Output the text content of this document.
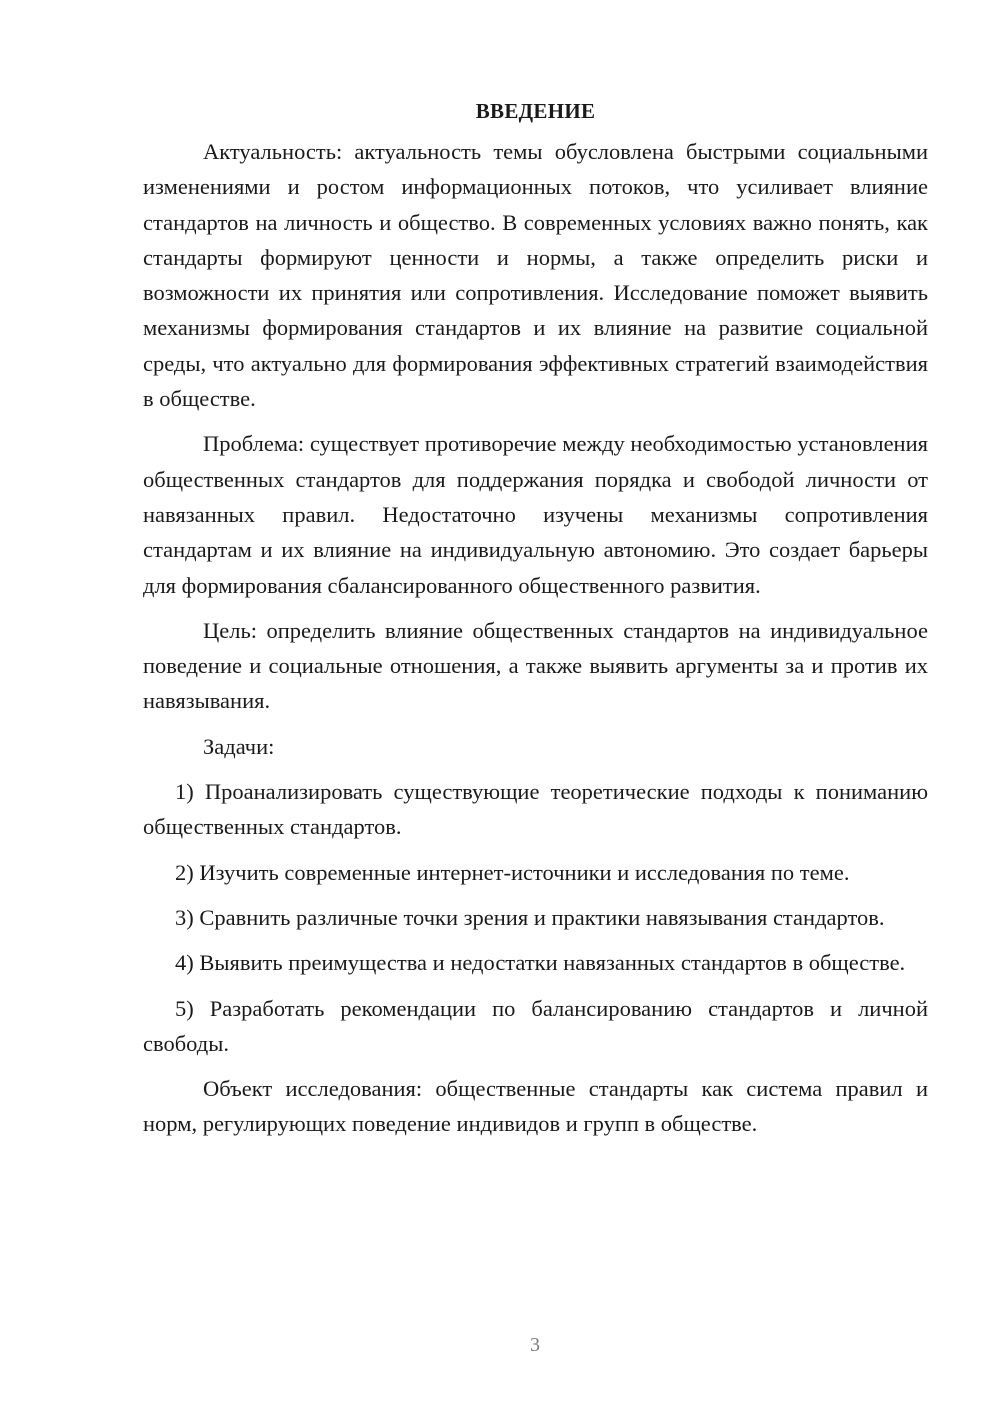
ВВЕДЕНИЕ

Актуальность: актуальность темы обусловлена быстрыми социальными изменениями и ростом информационных потоков, что усиливает влияние стандартов на личность и общество. В современных условиях важно понять, как стандарты формируют ценности и нормы, а также определить риски и возможности их принятия или сопротивления. Исследование поможет выявить механизмы формирования стандартов и их влияние на развитие социальной среды, что актуально для формирования эффективных стратегий взаимодействия в обществе.

Проблема: существует противоречие между необходимостью установления общественных стандартов для поддержания порядка и свободой личности от навязанных правил. Недостаточно изучены механизмы сопротивления стандартам и их влияние на индивидуальную автономию. Это создает барьеры для формирования сбалансированного общественного развития.

Цель: определить влияние общественных стандартов на индивидуальное поведение и социальные отношения, а также выявить аргументы за и против их навязывания.

Задачи:

1) Проанализировать существующие теоретические подходы к пониманию общественных стандартов.

2) Изучить современные интернет-источники и исследования по теме.

3) Сравнить различные точки зрения и практики навязывания стандартов.

4) Выявить преимущества и недостатки навязанных стандартов в обществе.

5) Разработать рекомендации по балансированию стандартов и личной свободы.

Объект исследования: общественные стандарты как система правил и норм, регулирующих поведение индивидов и групп в обществе.

3
